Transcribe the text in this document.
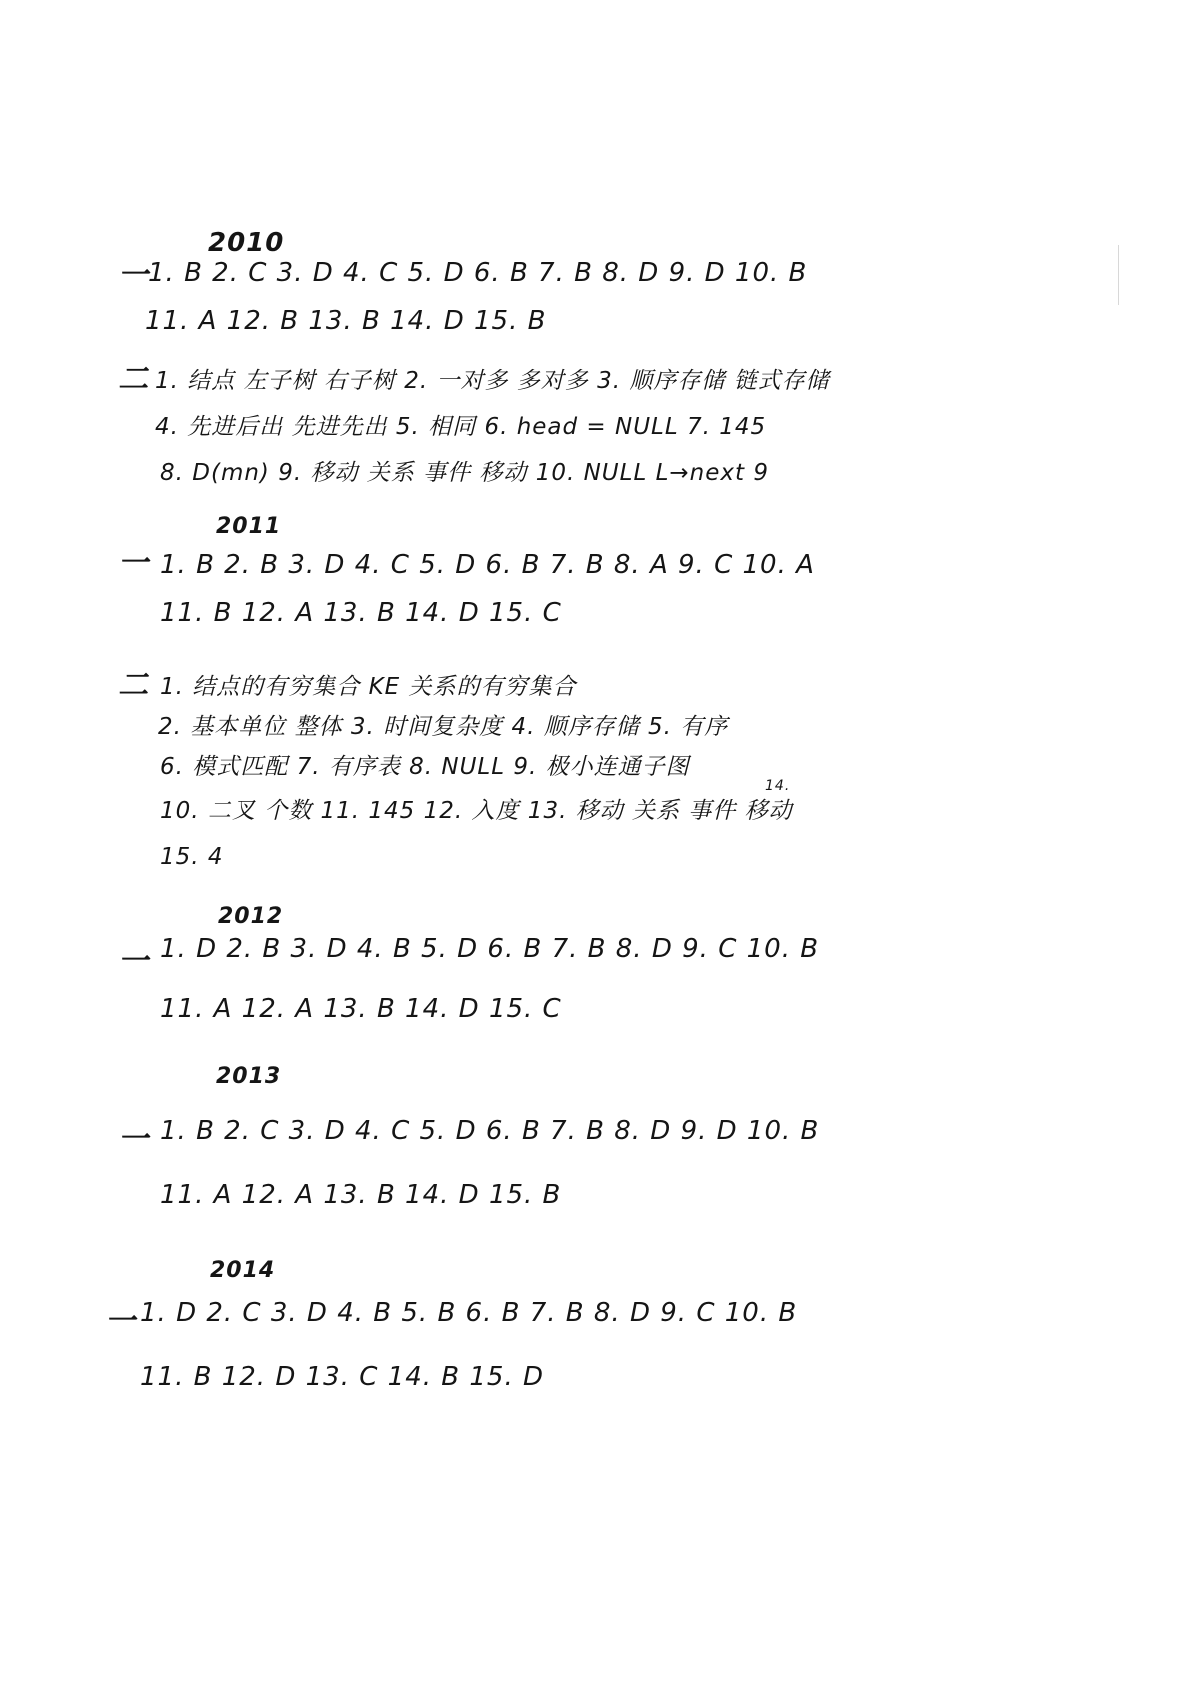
2010
一 1. B 2. C 3. D 4. C 5. D 6. B 7. B 8. D 9. D 10. B
11. A 12. B 13. B 14. D 15. B
二 1. 结点 左子树 右子树 2. 一对多 多对多 3. 顺序存储 链式存储
4. 先进后出 先进先出 5. 相同 6. head = NULL 7. 145
8. D(mn) 9. 移动 关系 事件 移动 10. NULL L→next 9
2011
一 1. B 2. B 3. D 4. C 5. D 6. B 7. B 8. A 9. C 10. A
11. B 12. A 13. B 14. D 15. C
二 1. 结点的有穷集合 KE 关系的有穷集合
2. 基本单位 整体 3. 时间复杂度 4. 顺序存储 5. 有序
6. 模式匹配 7. 有序表 8. NULL 9. 极小连通子图
14.
10. 二叉 个数 11. 145 12. 入度 13. 移动 关系 事件 移动
15. 4
2012
一 1. D 2. B 3. D 4. B 5. D 6. B 7. B 8. D 9. C 10. B
11. A 12. A 13. B 14. D 15. C
2013
一 1. B 2. C 3. D 4. C 5. D 6. B 7. B 8. D 9. D 10. B
11. A 12. A 13. B 14. D 15. B
2014
一 1. D 2. C 3. D 4. B 5. B 6. B 7. B 8. D 9. C 10. B
11. B 12. D 13. C 14. B 15. D
